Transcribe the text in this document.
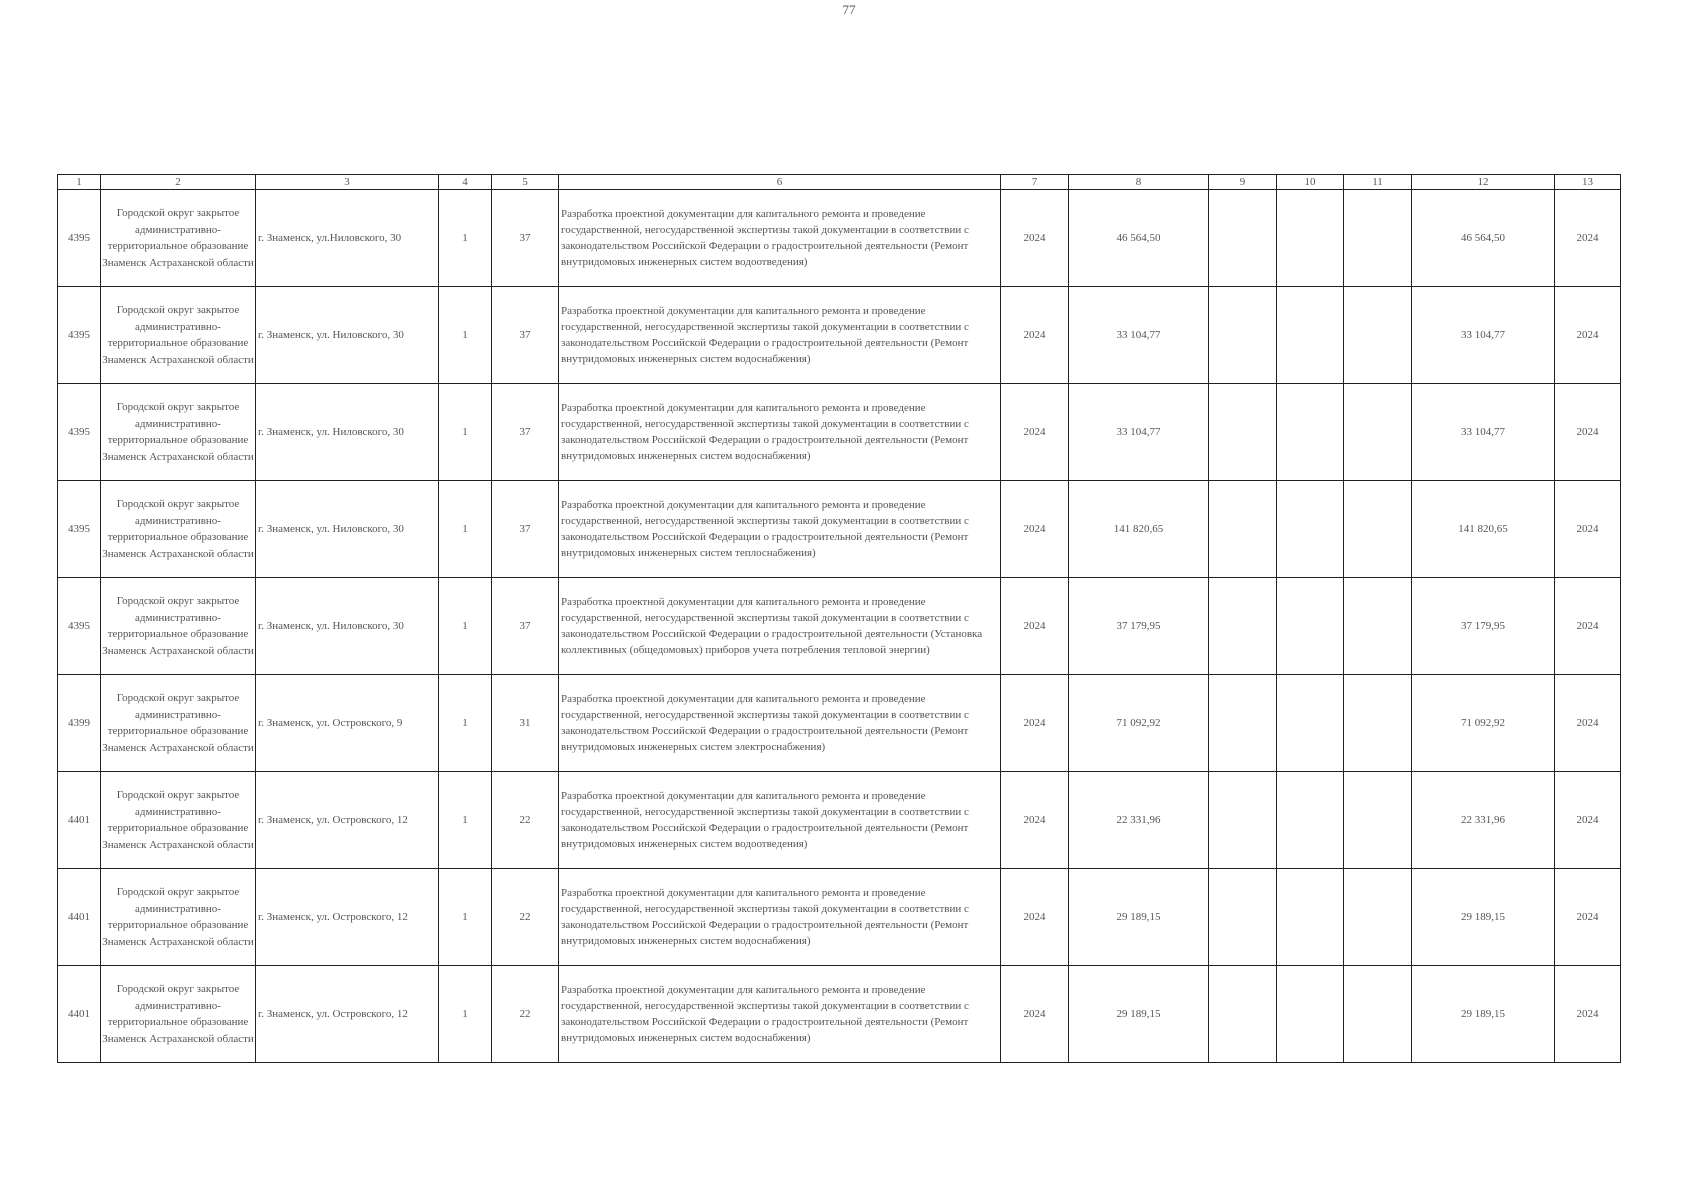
77
1	2	3	4	5	6	7	8	9	10	11	12	13
4395	Городской округ закрытое административно-территориальное образование Знаменск Астраханской области	г. Знаменск, ул.Ниловского, 30	1	37	Разработка проектной документации для капитального ремонта и проведение государственной, негосударственной экспертизы такой документации в соответствии с законодательством Российской Федерации о градостроительной деятельности (Ремонт внутридомовых инженерных систем водоотведения)	2024	46 564,50				46 564,50	2024
4395	Городской округ закрытое административно-территориальное образование Знаменск Астраханской области	г. Знаменск, ул. Ниловского, 30	1	37	Разработка проектной документации для капитального ремонта и проведение государственной, негосударственной экспертизы такой документации в соответствии с законодательством Российской Федерации о градостроительной деятельности (Ремонт внутридомовых инженерных систем водоснабжения)	2024	33 104,77				33 104,77	2024
4395	Городской округ закрытое административно-территориальное образование Знаменск Астраханской области	г. Знаменск, ул. Ниловского, 30	1	37	Разработка проектной документации для капитального ремонта и проведение государственной, негосударственной экспертизы такой документации в соответствии с законодательством Российской Федерации о градостроительной деятельности (Ремонт внутридомовых инженерных систем водоснабжения)	2024	33 104,77				33 104,77	2024
4395	Городской округ закрытое административно-территориальное образование Знаменск Астраханской области	г. Знаменск, ул. Ниловского, 30	1	37	Разработка проектной документации для капитального ремонта и проведение государственной, негосударственной экспертизы такой документации в соответствии с законодательством Российской Федерации о градостроительной деятельности (Ремонт внутридомовых инженерных систем теплоснабжения)	2024	141 820,65				141 820,65	2024
4395	Городской округ закрытое административно-территориальное образование Знаменск Астраханской области	г. Знаменск, ул. Ниловского, 30	1	37	Разработка проектной документации для капитального ремонта и проведение государственной, негосударственной экспертизы такой документации в соответствии с законодательством Российской Федерации о градостроительной деятельности (Установка коллективных (общедомовых) приборов учета потребления тепловой энергии)	2024	37 179,95				37 179,95	2024
4399	Городской округ закрытое административно-территориальное образование Знаменск Астраханской области	г. Знаменск, ул. Островского, 9	1	31	Разработка проектной документации для капитального ремонта и проведение государственной, негосударственной экспертизы такой документации в соответствии с законодательством Российской Федерации о градостроительной деятельности (Ремонт внутридомовых инженерных систем электроснабжения)	2024	71 092,92				71 092,92	2024
4401	Городской округ закрытое административно-территориальное образование Знаменск Астраханской области	г. Знаменск, ул. Островского, 12	1	22	Разработка проектной документации для капитального ремонта и проведение государственной, негосударственной экспертизы такой документации в соответствии с законодательством Российской Федерации о градостроительной деятельности (Ремонт внутридомовых инженерных систем водоотведения)	2024	22 331,96				22 331,96	2024
4401	Городской округ закрытое административно-территориальное образование Знаменск Астраханской области	г. Знаменск, ул. Островского, 12	1	22	Разработка проектной документации для капитального ремонта и проведение государственной, негосударственной экспертизы такой документации в соответствии с законодательством Российской Федерации о градостроительной деятельности (Ремонт внутридомовых инженерных систем водоснабжения)	2024	29 189,15				29 189,15	2024
4401	Городской округ закрытое административно-территориальное образование Знаменск Астраханской области	г. Знаменск, ул. Островского, 12	1	22	Разработка проектной документации для капитального ремонта и проведение государственной, негосударственной экспертизы такой документации в соответствии с законодательством Российской Федерации о градостроительной деятельности (Ремонт внутридомовых инженерных систем водоснабжения)	2024	29 189,15				29 189,15	2024
